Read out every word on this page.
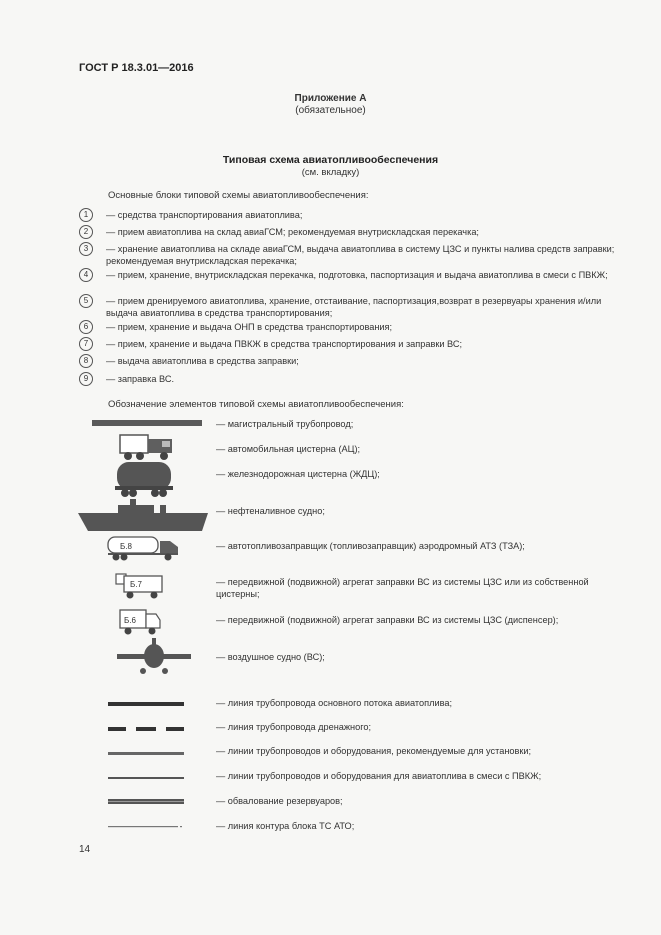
ГОСТ Р 18.3.01—2016
Приложение А
(обязательное)
Типовая схема авиатопливообеспечения
(см. вкладку)
Основные блоки типовой схемы авиатопливообеспечения:
1	— средства транспортирования авиатоплива;
2	— прием авиатоплива на склад авиаГСМ; рекомендуемая внутрискладская перекачка;
3	— хранение авиатоплива на складе авиаГСМ, выдача авиатоплива в систему ЦЗС и пункты налива средств заправки; рекомендуемая внутрискладская перекачка;
4	— прием, хранение, внутрискладская перекачка, подготовка, паспортизация и выдача авиатоплива в смеси с ПВКЖ;
5	— прием дренируемого авиатоплива, хранение, отстаивание, паспортизация,возврат в резервуары хранения и/или выдача авиатоплива в средства транспортирования;
6	— прием, хранение и выдача ОНП в средства транспортирования;
7	— прием, хранение и выдача ПВКЖ в средства транспортирования и заправки ВС;
8	— выдача авиатоплива в средства заправки;
9	— заправка ВС.
Обозначение элементов типовой схемы авиатопливообеспечения:
— магистральный трубопровод;
— автомобильная цистерна (АЦ);
— железнодорожная цистерна (ЖДЦ);
— нефтеналивное судно;
Б.8	— автотопливозаправщик (топливозаправщик) аэродромный АТЗ (ТЗА);
Б.7	— передвижной (подвижной) агрегат заправки ВС из системы ЦЗС или из собственной цистерны;
Б.6	— передвижной (подвижной) агрегат заправки ВС из системы ЦЗС (диспенсер);
— воздушное судно (ВС);
— линия трубопровода основного потока авиатоплива;
— линия трубопровода дренажного;
— линии трубопроводов и оборудования, рекомендуемые для установки;
— линии трубопроводов и оборудования для авиатоплива в смеси с ПВКЖ;
— обвалование резервуаров;
— линия контура блока ТС АТО;
14
